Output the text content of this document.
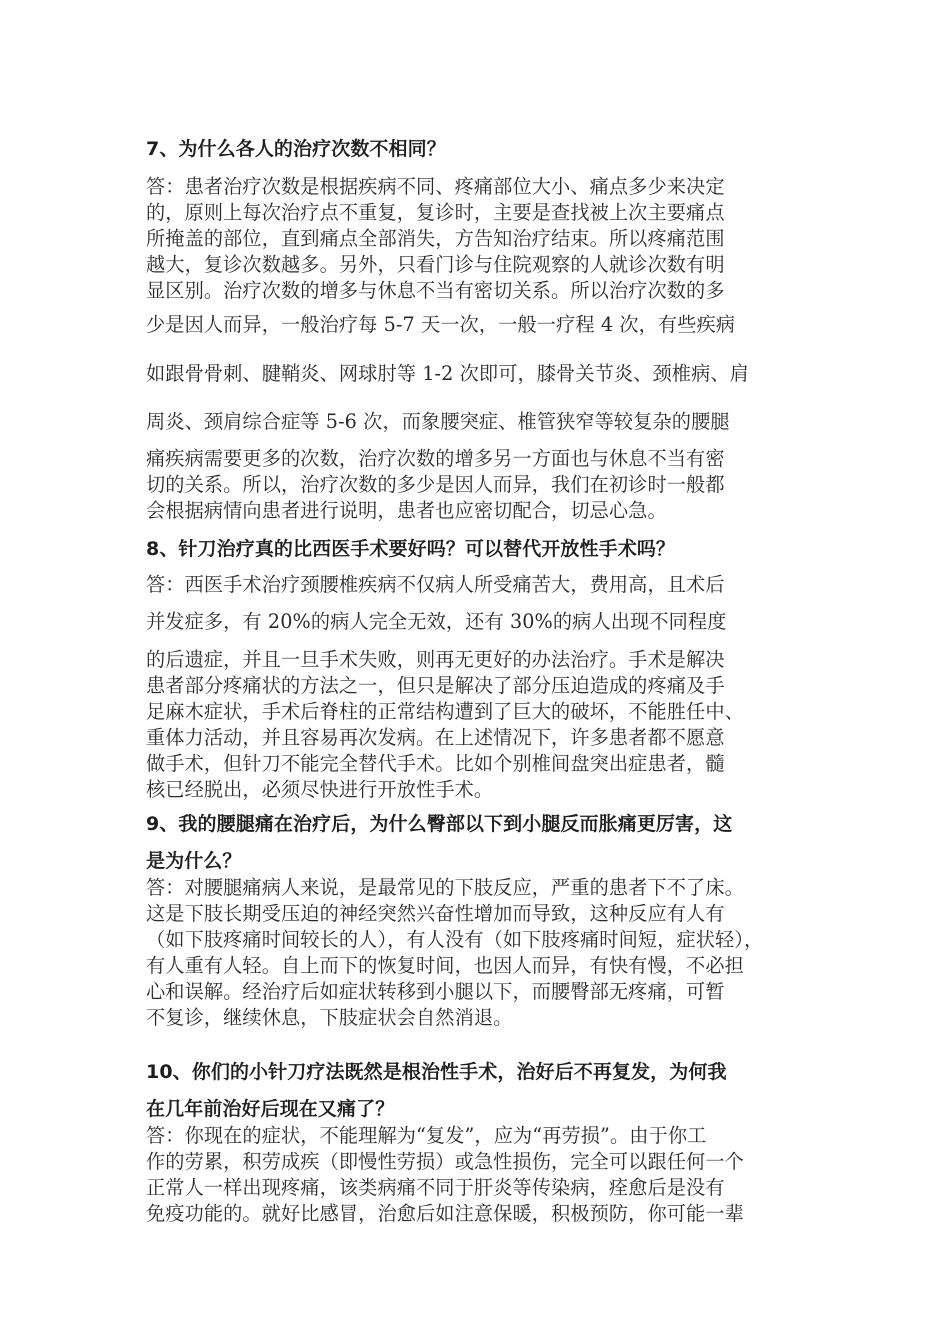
7、为什么各人的治疗次数不相同？
答：患者治疗次数是根据疾病不同、疼痛部位大小、痛点多少来决定
的，原则上每次治疗点不重复，复诊时，主要是查找被上次主要痛点
所掩盖的部位，直到痛点全部消失，方告知治疗结束。所以疼痛范围
越大，复诊次数越多。另外，只看门诊与住院观察的人就诊次数有明
显区别。治疗次数的增多与休息不当有密切关系。所以治疗次数的多
少是因人而异，一般治疗每 5-7 天一次，一般一疗程 4 次，有些疾病
如跟骨骨刺、腱鞘炎、网球肘等 1-2 次即可，膝骨关节炎、颈椎病、肩
周炎、颈肩综合症等 5-6 次，而象腰突症、椎管狭窄等较复杂的腰腿
痛疾病需要更多的次数，治疗次数的增多另一方面也与休息不当有密
切的关系。所以，治疗次数的多少是因人而异，我们在初诊时一般都
会根据病情向患者进行说明，患者也应密切配合，切忌心急。
8、针刀治疗真的比西医手术要好吗？可以替代开放性手术吗？
答：西医手术治疗颈腰椎疾病不仅病人所受痛苦大，费用高，且术后
并发症多，有 20%的病人完全无效，还有 30%的病人出现不同程度
的后遗症，并且一旦手术失败，则再无更好的办法治疗。手术是解决
患者部分疼痛状的方法之一，但只是解决了部分压迫造成的疼痛及手
足麻木症状，手术后脊柱的正常结构遭到了巨大的破坏，不能胜任中、
重体力活动，并且容易再次发病。在上述情况下，许多患者都不愿意
做手术，但针刀不能完全替代手术。比如个别椎间盘突出症患者，髓
核已经脱出，必须尽快进行开放性手术。
9、我的腰腿痛在治疗后，为什么臀部以下到小腿反而胀痛更厉害，这
是为什么？
答：对腰腿痛病人来说，是最常见的下肢反应，严重的患者下不了床。
这是下肢长期受压迫的神经突然兴奋性增加而导致，这种反应有人有
（如下肢疼痛时间较长的人），有人没有（如下肢疼痛时间短，症状轻），
有人重有人轻。自上而下的恢复时间，也因人而异，有快有慢，不必担
心和误解。经治疗后如症状转移到小腿以下，而腰臀部无疼痛，可暂
不复诊，继续休息，下肢症状会自然消退。
10、你们的小针刀疗法既然是根治性手术，治好后不再复发，为何我
在几年前治好后现在又痛了？
答：你现在的症状，不能理解为“复发”，应为“再劳损”。由于你工
作的劳累，积劳成疾（即慢性劳损）或急性损伤，完全可以跟任何一个
正常人一样出现疼痛，该类病痛不同于肝炎等传染病，痊愈后是没有
免疫功能的。就好比感冒，治愈后如注意保暖，积极预防，你可能一辈
